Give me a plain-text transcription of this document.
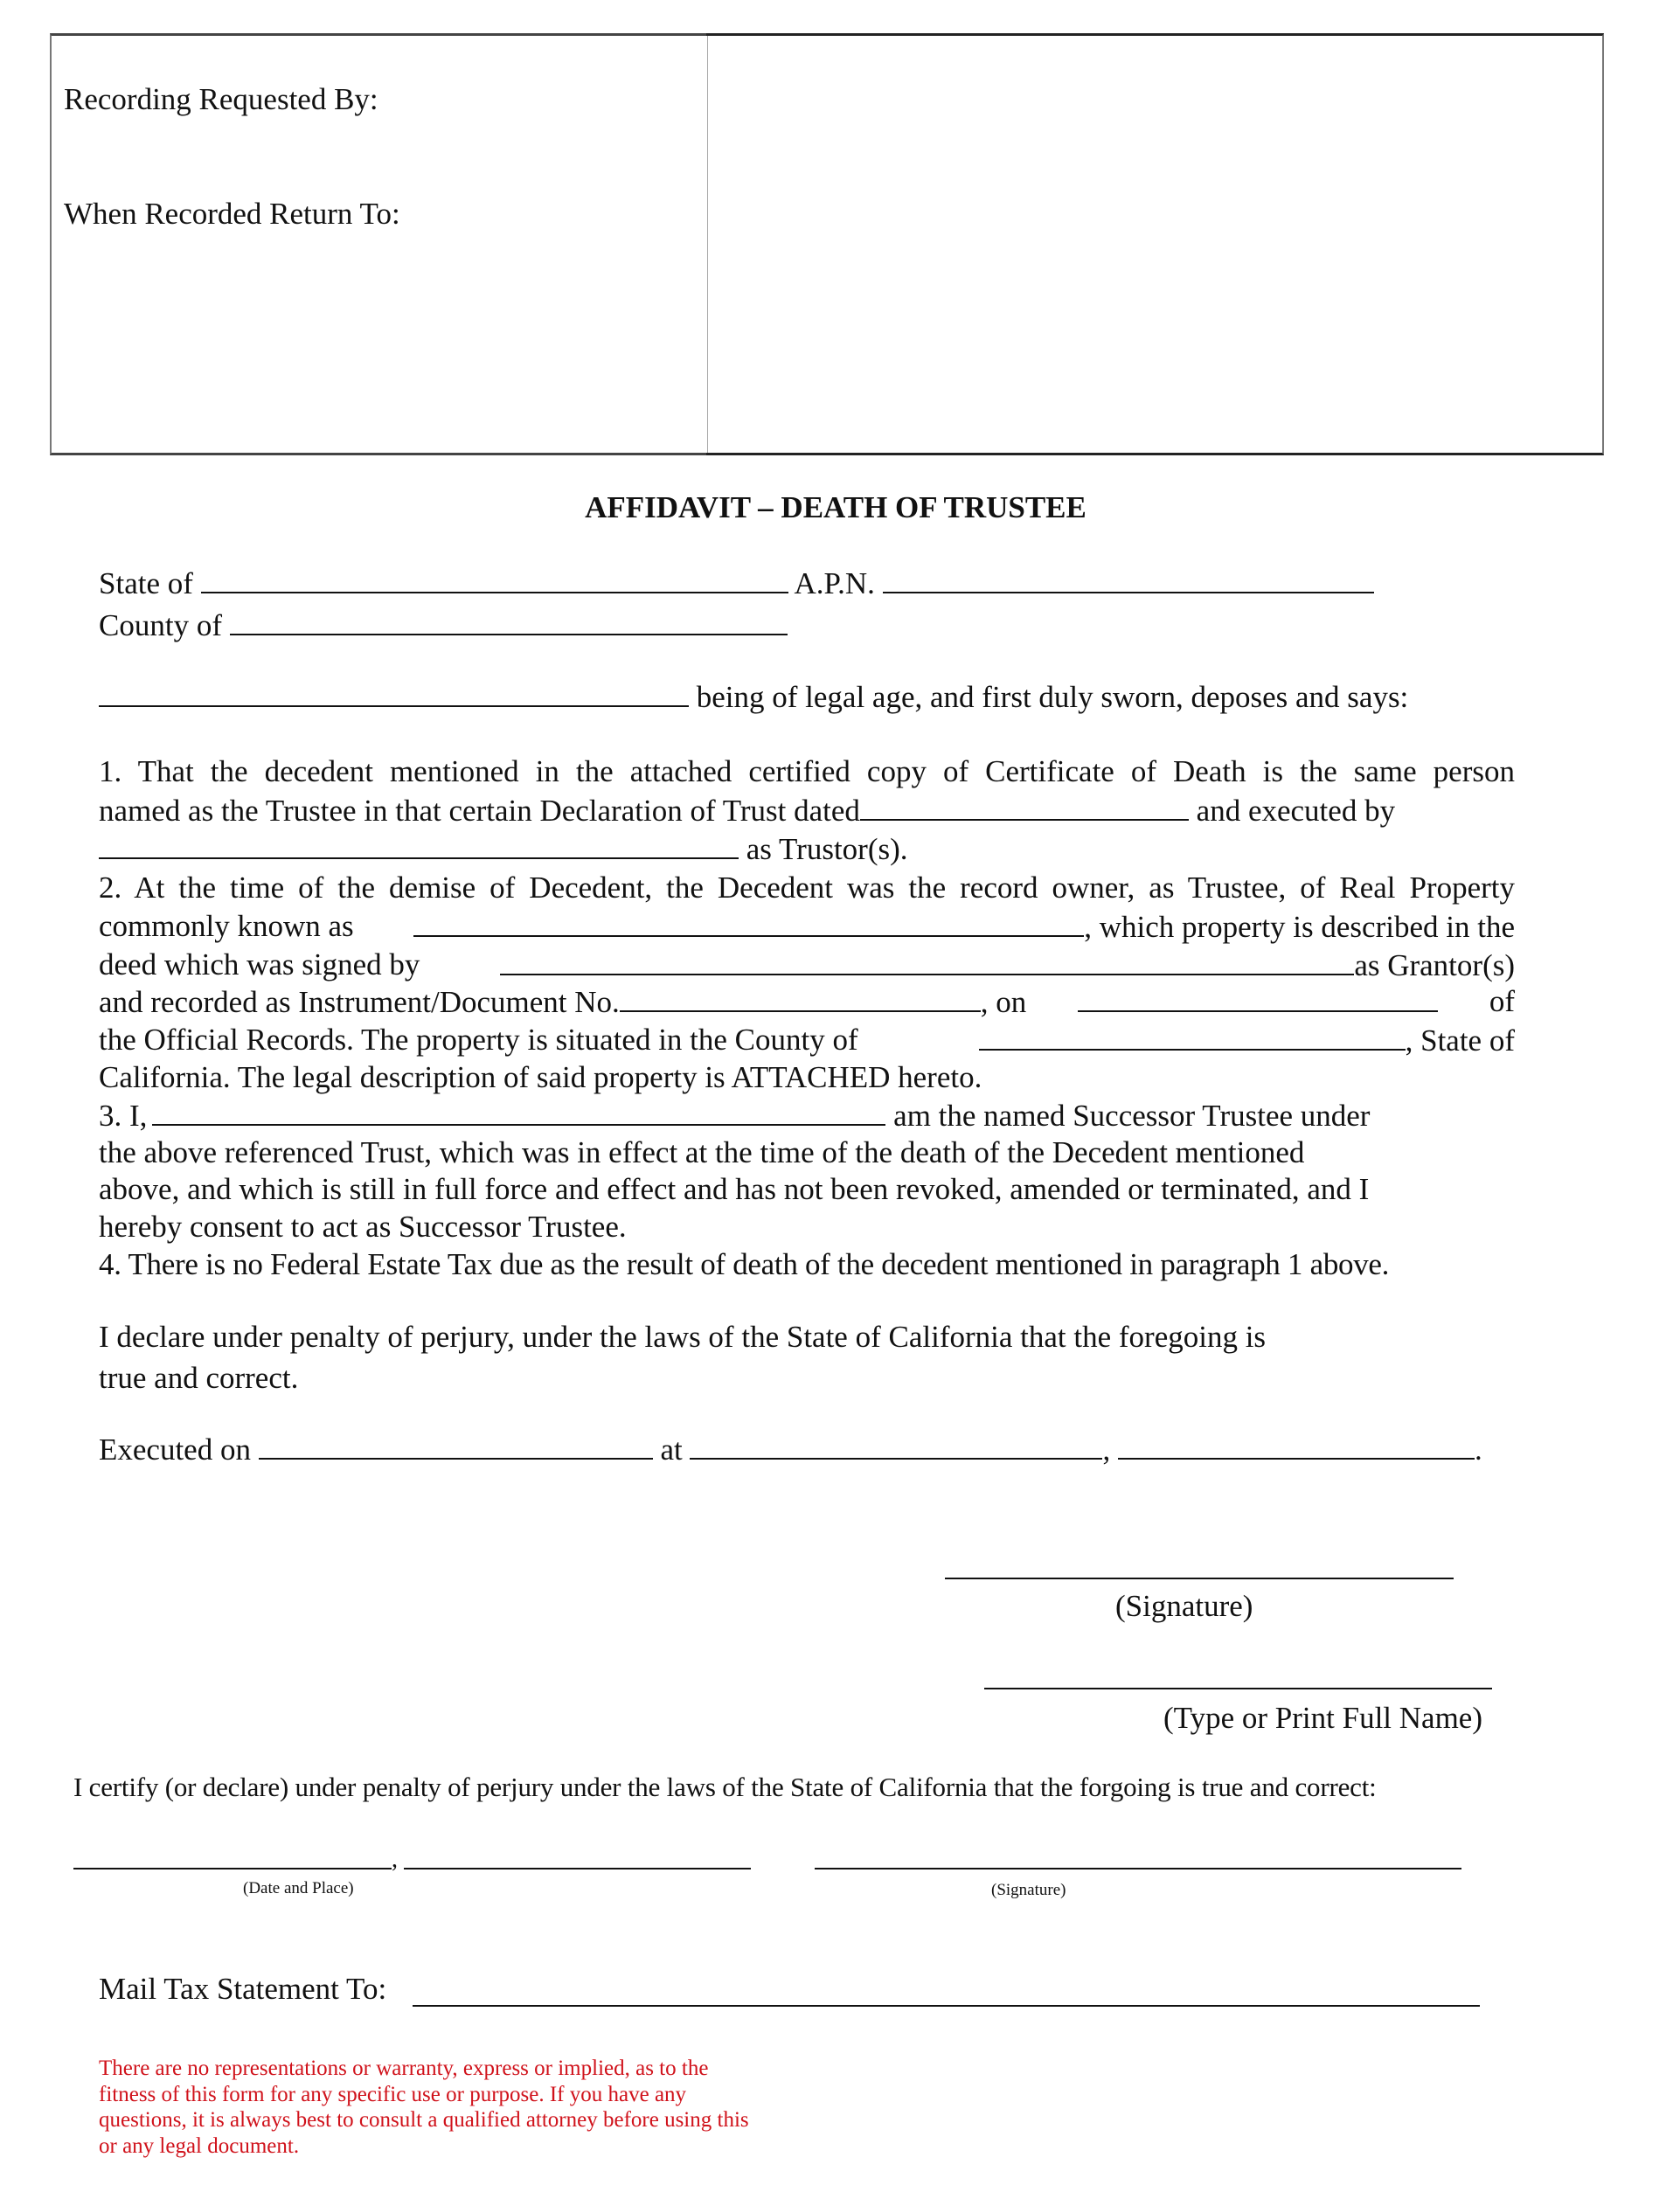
Recording Requested By:
When Recorded Return To:
AFFIDAVIT – DEATH OF TRUSTEE
State of	A.P.N.
County of
being of legal age, and first duly sworn, deposes and says:
1. That the decedent mentioned in the attached certified copy of Certificate of Death is the same person
named as the Trustee in that certain Declaration of Trust dated	and executed by
as Trustor(s).
2. At the time of the demise of Decedent, the Decedent was the record owner, as Trustee, of Real Property
commonly known as	, which property is described in the
deed which was signed by	as Grantor(s)
and recorded as Instrument/Document No.	, on	of
the Official Records. The property is situated in the County of	, State of
California. The legal description of said property is ATTACHED hereto.
3. I,	am the named Successor Trustee under
the above referenced Trust, which was in effect at the time of the death of the Decedent mentioned
above, and which is still in full force and effect and has not been revoked, amended or terminated, and I
hereby consent to act as Successor Trustee.
4. There is no Federal Estate Tax due as the result of death of the decedent mentioned in paragraph 1 above.
I declare under penalty of perjury, under the laws of the State of California that the foregoing is
true and correct.
Executed on	at	,	.
(Signature)
(Type or Print Full Name)
I certify (or declare) under penalty of perjury under the laws of the State of California that the forgoing is true and correct:
,
(Date and Place)	(Signature)
Mail Tax Statement To:
There are no representations or warranty, express or implied, as to the fitness of this form for any specific use or purpose. If you have any questions, it is always best to consult a qualified attorney before using this or any legal document.
